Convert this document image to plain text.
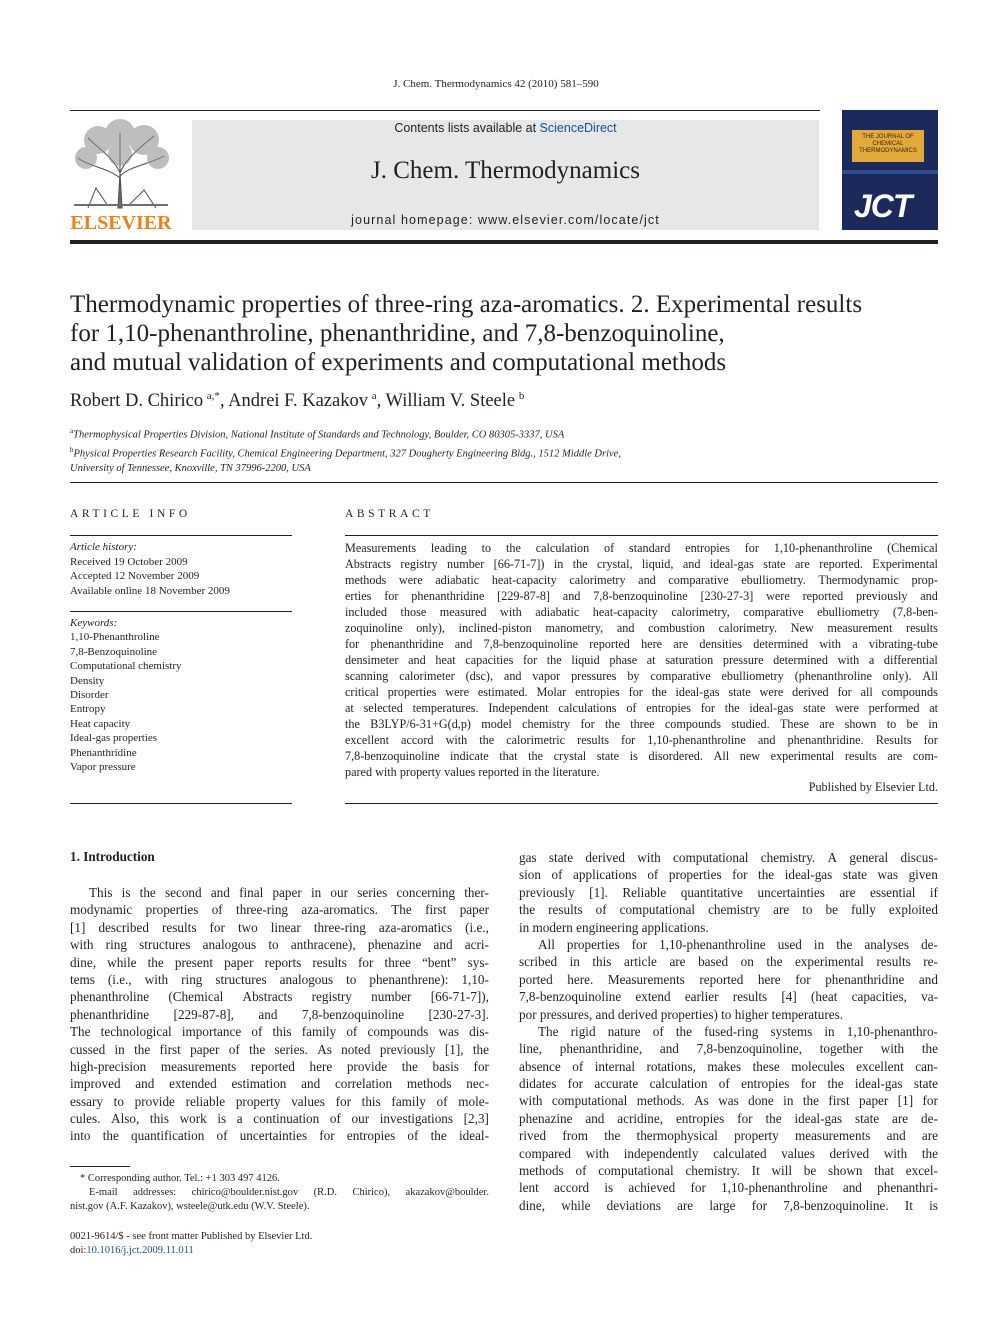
J. Chem. Thermodynamics 42 (2010) 581–590
ELSEVIER
Contents lists available at ScienceDirect
J. Chem. Thermodynamics
journal homepage: www.elsevier.com/locate/jct
THE JOURNAL OF CHEMICAL THERMODYNAMICS
JCT
Thermodynamic properties of three-ring aza-aromatics. 2. Experimental results
for 1,10-phenanthroline, phenanthridine, and 7,8-benzoquinoline,
and mutual validation of experiments and computational methods
Robert D. Chirico  $^{a,*}$, Andrei F. Kazakov  $^a$, William V. Steele  $^b$
$^a$Thermophysical Properties Division, National Institute of Standards and Technology, Boulder, CO 80305-3337, USA
$^b$Physical Properties Research Facility, Chemical Engineering Department, 327 Dougherty Engineering Bldg., 1512 Middle Drive,
University of Tennessee, Knoxville, TN 37996-2200, USA
ARTICLE INFO	ABSTRACT
Article history:
Received 19 October 2009
Accepted 12 November 2009
Available online 18 November 2009
Keywords:
1,10-Phenanthroline
7,8-Benzoquinoline
Computational chemistry
Density
Disorder
Entropy
Heat capacity
Ideal-gas properties
Phenanthridine
Vapor pressure
Measurements leading to the calculation of standard entropies for 1,10-phenanthroline (Chemical
Abstracts registry number [66-71-7]) in the crystal, liquid, and ideal-gas state are reported. Experimental
methods were adiabatic heat-capacity calorimetry and comparative ebulliometry. Thermodynamic prop-
erties for phenanthridine [229-87-8] and 7,8-benzoquinoline [230-27-3] were reported previously and
included those measured with adiabatic heat-capacity calorimetry, comparative ebulliometry (7,8-ben-
zoquinoline only), inclined-piston manometry, and combustion calorimetry. New measurement results
for phenanthridine and 7,8-benzoquinoline reported here are densities determined with a vibrating-tube
densimeter and heat capacities for the liquid phase at saturation pressure determined with a differential
scanning calorimeter (dsc), and vapor pressures by comparative ebulliometry (phenanthroline only). All
critical properties were estimated. Molar entropies for the ideal-gas state were derived for all compounds
at selected temperatures. Independent calculations of entropies for the ideal-gas state were performed at
the B3LYP/6-31+G(d,p) model chemistry for the three compounds studied. These are shown to be in
excellent accord with the calorimetric results for 1,10-phenanthroline and phenanthridine. Results for
7,8-benzoquinoline indicate that the crystal state is disordered. All new experimental results are com-
pared with property values reported in the literature.
Published by Elsevier Ltd.
1. Introduction
This is the second and final paper in our series concerning ther-
modynamic properties of three-ring aza-aromatics. The first paper
[1] described results for two linear three-ring aza-aromatics (i.e.,
with ring structures analogous to anthracene), phenazine and acri-
dine, while the present paper reports results for three “bent” sys-
tems (i.e., with ring structures analogous to phenanthrene): 1,10-
phenanthroline (Chemical Abstracts registry number [66-71-7]),
phenanthridine [229-87-8], and 7,8-benzoquinoline [230-27-3].
The technological importance of this family of compounds was dis-
cussed in the first paper of the series. As noted previously [1], the
high-precision measurements reported here provide the basis for
improved and extended estimation and correlation methods nec-
essary to provide reliable property values for this family of mole-
cules. Also, this work is a continuation of our investigations [2,3]
into the quantification of uncertainties for entropies of the ideal-
gas state derived with computational chemistry. A general discus-
sion of applications of properties for the ideal-gas state was given
previously [1]. Reliable quantitative uncertainties are essential if
the results of computational chemistry are to be fully exploited
in modern engineering applications.
All properties for 1,10-phenanthroline used in the analyses de-
scribed in this article are based on the experimental results re-
ported here. Measurements reported here for phenanthridine and
7,8-benzoquinoline extend earlier results [4] (heat capacities, va-
por pressures, and derived properties) to higher temperatures.
The rigid nature of the fused-ring systems in 1,10-phenanthro-
line, phenanthridine, and 7,8-benzoquinoline, together with the
absence of internal rotations, makes these molecules excellent can-
didates for accurate calculation of entropies for the ideal-gas state
with computational methods. As was done in the first paper [1] for
phenazine and acridine, entropies for the ideal-gas state are de-
rived from the thermophysical property measurements and are
compared with independently calculated values derived with the
methods of computational chemistry. It will be shown that excel-
lent accord is achieved for 1,10-phenanthroline and phenanthri-
dine, while deviations are large for 7,8-benzoquinoline. It is
* Corresponding author. Tel.: +1 303 497 4126.
E-mail addresses: chirico@boulder.nist.gov (R.D. Chirico), akazakov@boulder.
nist.gov (A.F. Kazakov), wsteele@utk.edu (W.V. Steele).
0021-9614/$ - see front matter Published by Elsevier Ltd.
doi:10.1016/j.jct.2009.11.011
